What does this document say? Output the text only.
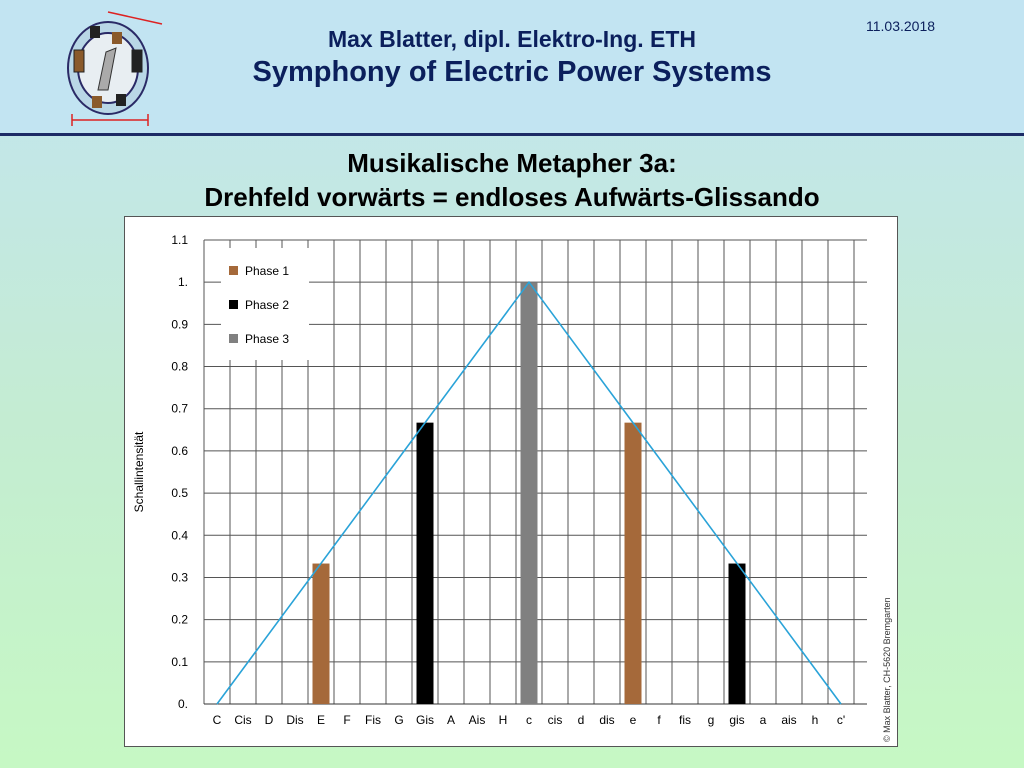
Max Blatter, dipl. Elektro-Ing. ETH
Symphony of Electric Power Systems
11.03.2018
Musikalische Metapher 3a:
Drehfeld vorwärts = endloses Aufwärts-Glissando
0.
0.1
0.2
0.3
0.4
0.5
0.6
0.7
0.8
0.9
1.
1.1
C Cis D Dis E F Fis G Gis A Ais H c cis d dis e f fis g gis a ais h c'
Schallintensität
Phase 1
Phase 2
Phase 3
© Max Blatter, CH-5620 Bremgarten
